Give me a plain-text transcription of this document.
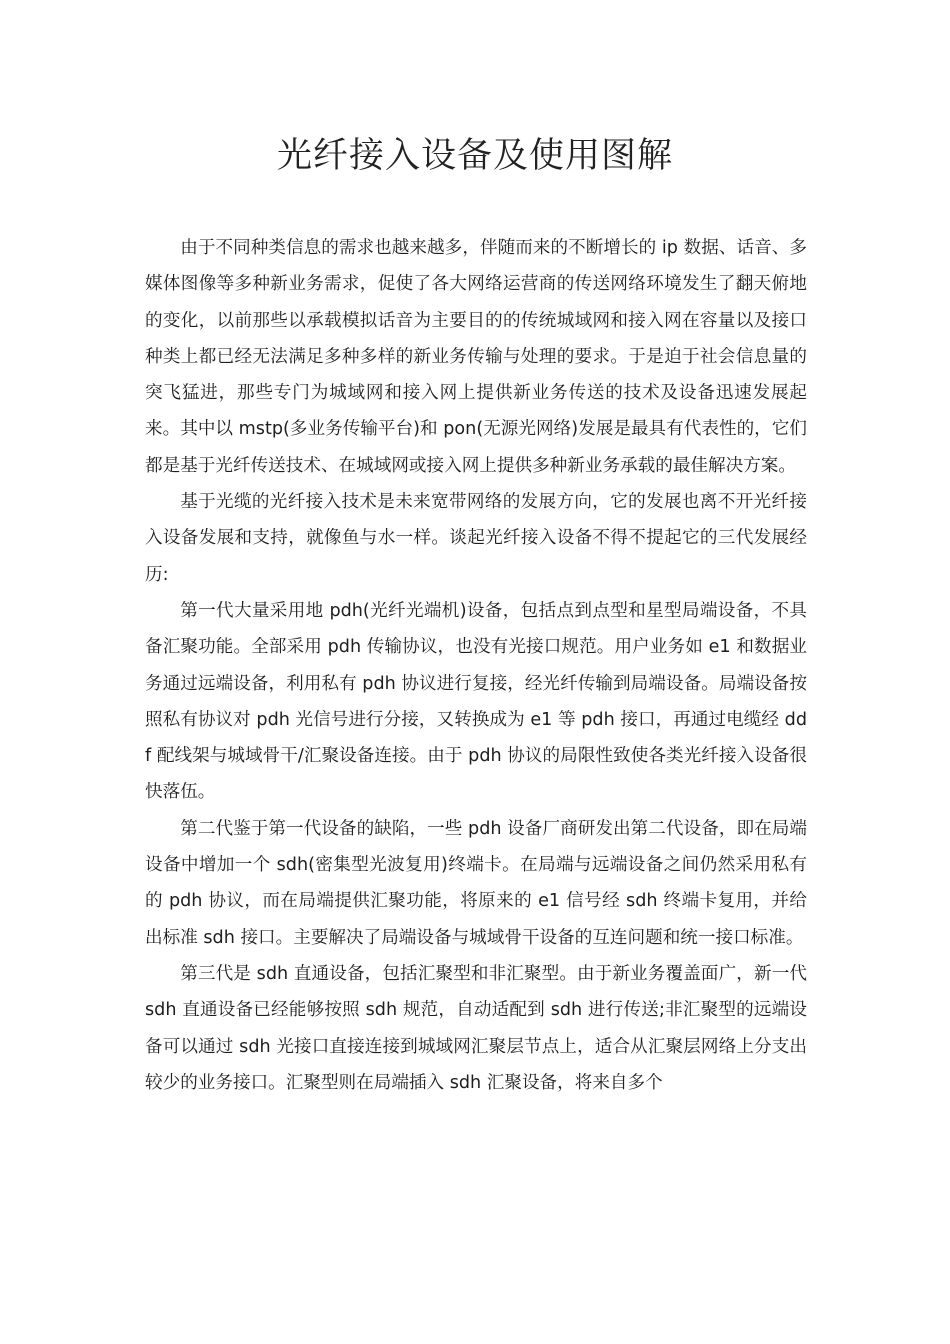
光纤接入设备及使用图解

由于不同种类信息的需求也越来越多，伴随而来的不断增长的 ip 数据、话音、多媒体图像等多种新业务需求，促使了各大网络运营商的传送网络环境发生了翻天俯地的变化，以前那些以承载模拟话音为主要目的的传统城域网和接入网在容量以及接口种类上都已经无法满足多种多样的新业务传输与处理的要求。于是迫于社会信息量的突飞猛进，那些专门为城域网和接入网上提供新业务传送的技术及设备迅速发展起来。其中以 mstp(多业务传输平台)和 pon(无源光网络)发展是最具有代表性的，它们都是基于光纤传送技术、在城域网或接入网上提供多种新业务承载的最佳解决方案。

基于光缆的光纤接入技术是未来宽带网络的发展方向，它的发展也离不开光纤接入设备发展和支持，就像鱼与水一样。谈起光纤接入设备不得不提起它的三代发展经历:

第一代大量采用地 pdh(光纤光端机)设备，包括点到点型和星型局端设备，不具备汇聚功能。全部采用 pdh 传输协议，也没有光接口规范。用户业务如 e1 和数据业务通过远端设备，利用私有 pdh 协议进行复接，经光纤传输到局端设备。局端设备按照私有协议对 pdh 光信号进行分接，又转换成为 e1 等 pdh 接口，再通过电缆经 ddf 配线架与城域骨干/汇聚设备连接。由于 pdh 协议的局限性致使各类光纤接入设备很快落伍。

第二代鉴于第一代设备的缺陷，一些 pdh 设备厂商研发出第二代设备，即在局端设备中增加一个 sdh(密集型光波复用)终端卡。在局端与远端设备之间仍然采用私有的 pdh 协议，而在局端提供汇聚功能，将原来的 e1 信号经 sdh 终端卡复用，并给出标准 sdh 接口。主要解决了局端设备与城域骨干设备的互连问题和统一接口标准。

第三代是 sdh 直通设备，包括汇聚型和非汇聚型。由于新业务覆盖面广，新一代 sdh 直通设备已经能够按照 sdh 规范，自动适配到 sdh 进行传送;非汇聚型的远端设备可以通过 sdh 光接口直接连接到城域网汇聚层节点上，适合从汇聚层网络上分支出较少的业务接口。汇聚型则在局端插入 sdh 汇聚设备，将来自多个
